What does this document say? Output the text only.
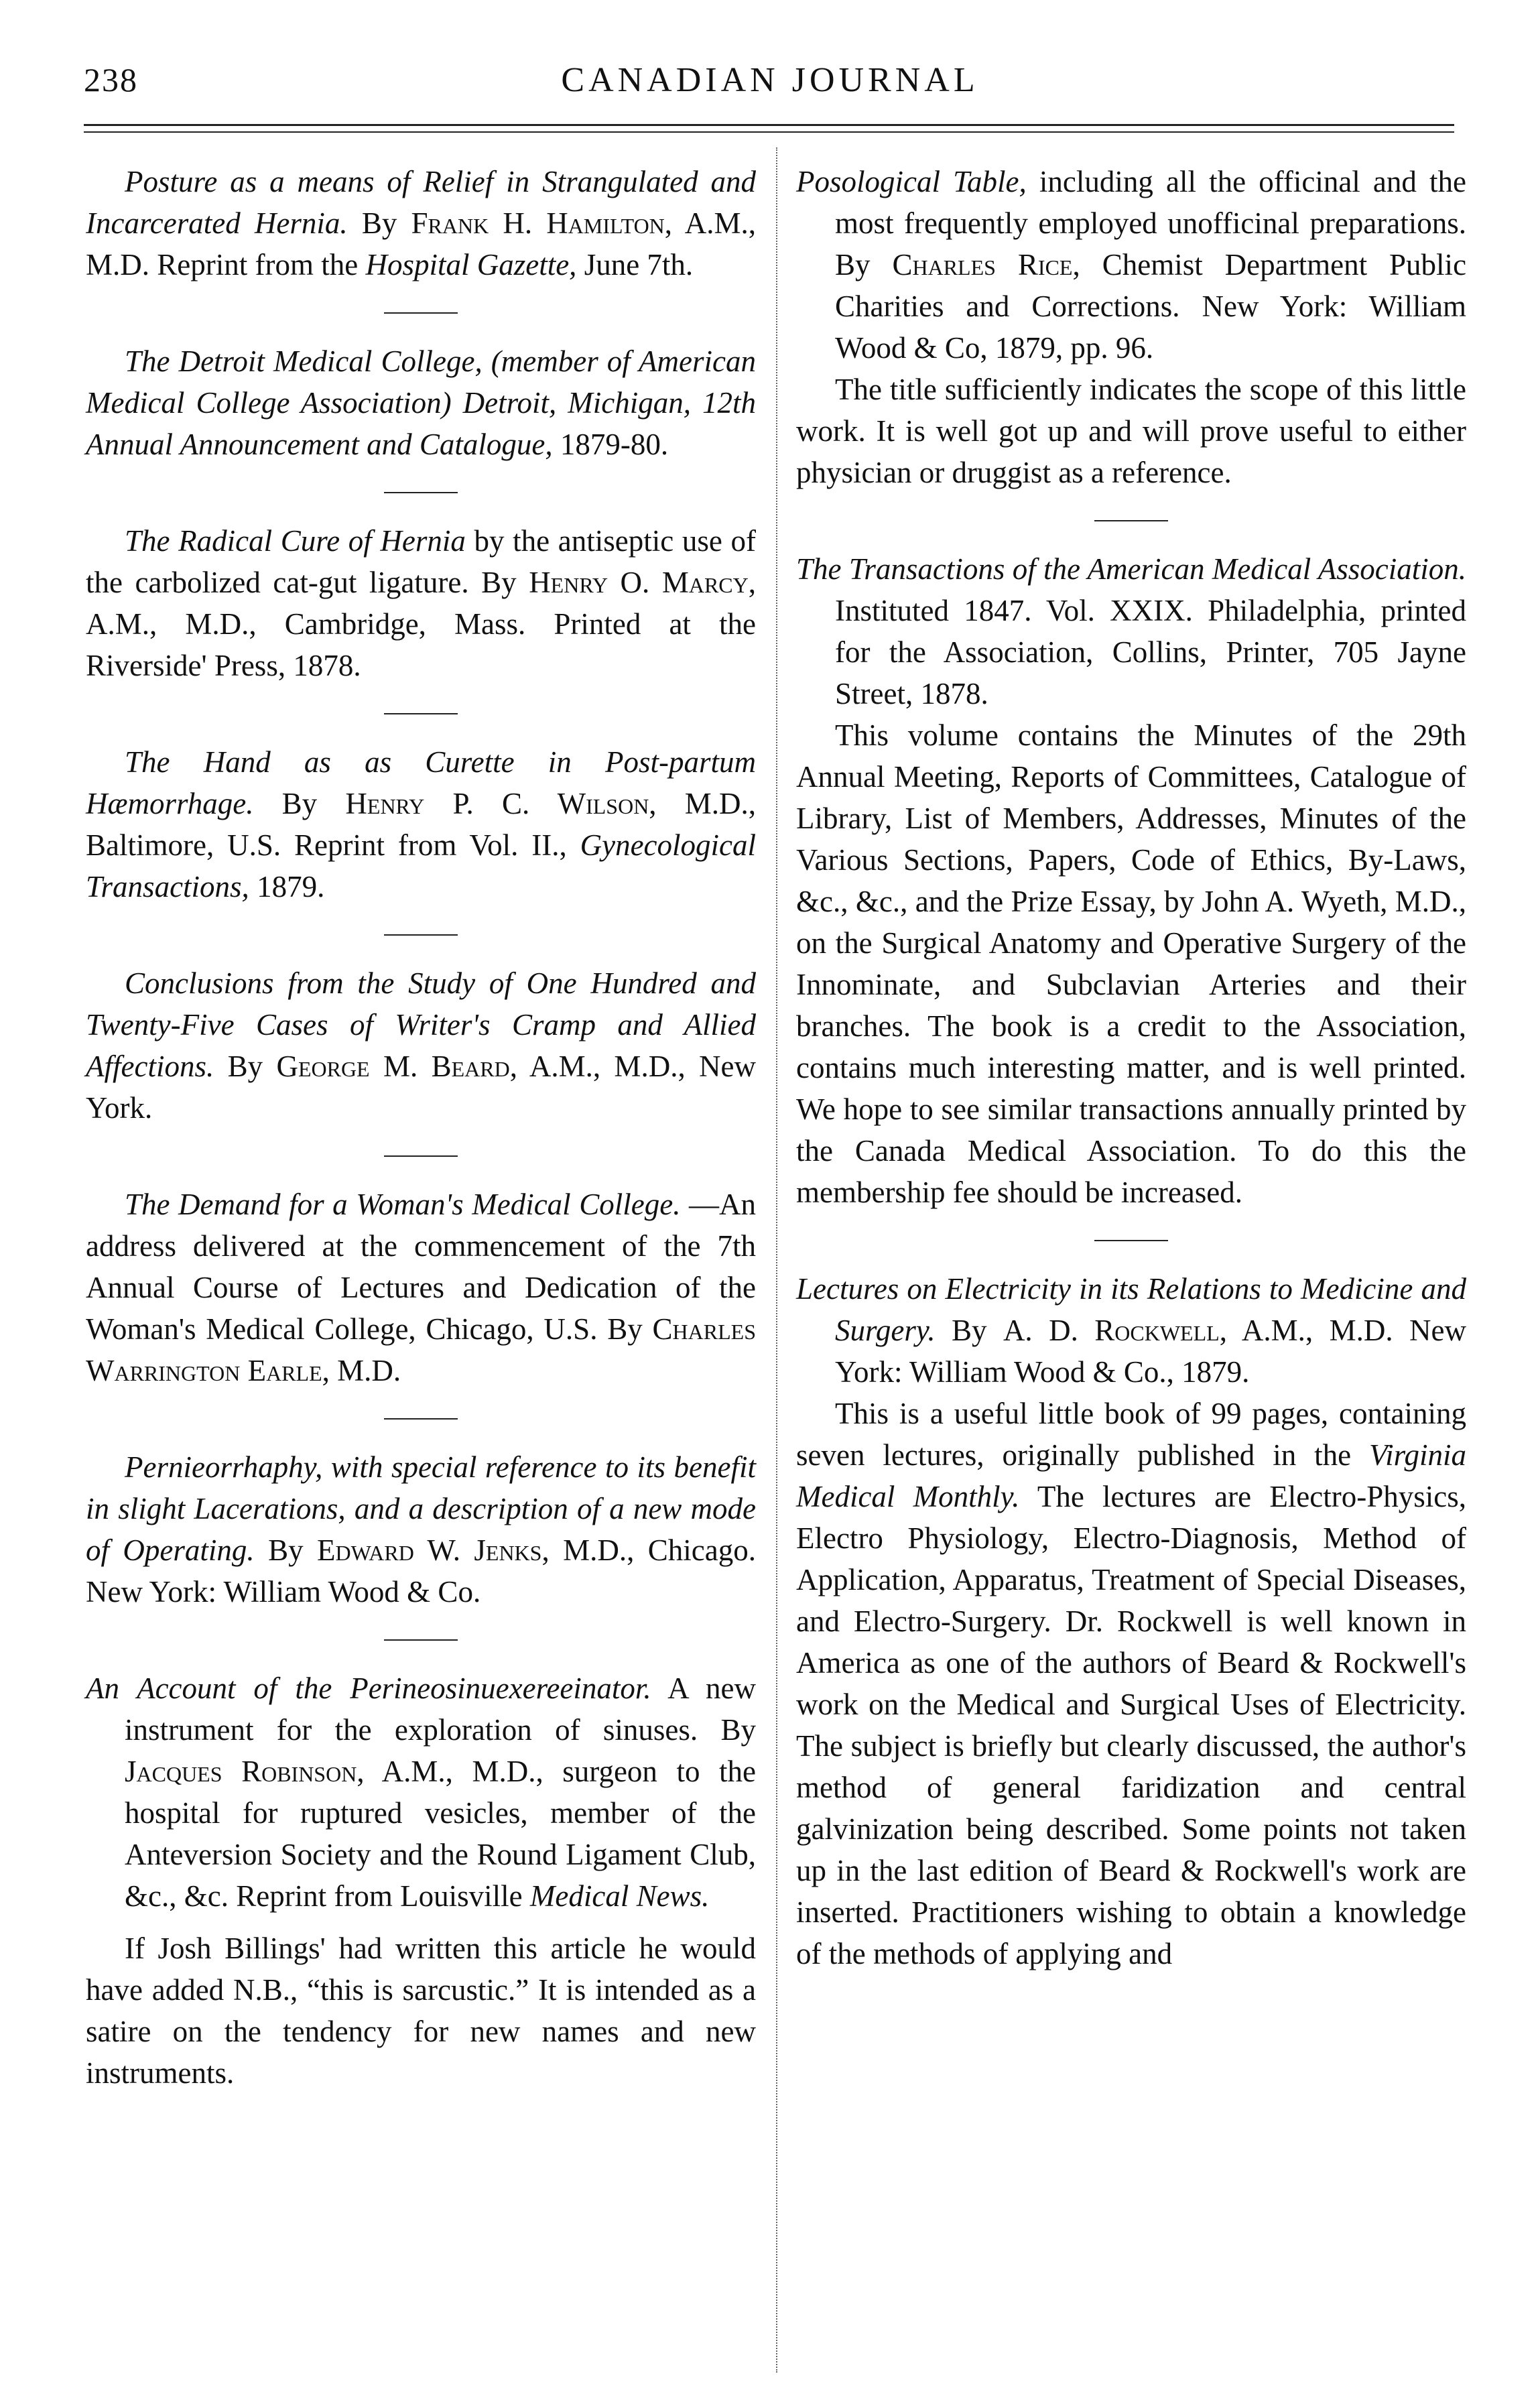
238	CANADIAN JOURNAL

Posture as a means of Relief in Strangulated and Incarcerated Hernia. By Frank H. Hamilton, A.M., M.D. Reprint from the Hospital Gazette, June 7th.

The Detroit Medical College, (member of American Medical College Association) Detroit, Michigan, 12th Annual Announcement and Catalogue, 1879-80.

The Radical Cure of Hernia by the antiseptic use of the carbolized cat-gut ligature. By Henry O. Marcy, A.M., M.D., Cambridge, Mass. Printed at the Riverside' Press, 1878.

The Hand as as Curette in Post-partum Hæmorrhage. By Henry P. C. Wilson, M.D., Baltimore, U.S. Reprint from Vol. II., Gynecological Transactions, 1879.

Conclusions from the Study of One Hundred and Twenty-Five Cases of Writer's Cramp and Allied Affections. By George M. Beard, A.M., M.D., New York.

The Demand for a Woman's Medical College. —An address delivered at the commencement of the 7th Annual Course of Lectures and Dedication of the Woman's Medical College, Chicago, U.S. By Charles Warrington Earle, M.D.

Pernieorrhaphy, with special reference to its benefit in slight Lacerations, and a description of a new mode of Operating. By Edward W. Jenks, M.D., Chicago. New York: William Wood & Co.

An Account of the Perineosinuexereeinator. A new instrument for the exploration of sinuses. By Jacques Robinson, A.M., M.D., surgeon to the hospital for ruptured vesicles, member of the Anteversion Society and the Round Ligament Club, &c., &c. Reprint from Louisville Medical News.

If Josh Billings' had written this article he would have added N.B., “this is sarcustic.” It is intended as a satire on the tendency for new names and new instruments.

Posological Table, including all the officinal and the most frequently employed unofficinal preparations. By Charles Rice, Chemist Department Public Charities and Corrections. New York: William Wood & Co, 1879, pp. 96.

The title sufficiently indicates the scope of this little work. It is well got up and will prove useful to either physician or druggist as a reference.

The Transactions of the American Medical Association. Instituted 1847. Vol. XXIX. Philadelphia, printed for the Association, Collins, Printer, 705 Jayne Street, 1878.

This volume contains the Minutes of the 29th Annual Meeting, Reports of Committees, Catalogue of Library, List of Members, Addresses, Minutes of the Various Sections, Papers, Code of Ethics, By-Laws, &c., &c., and the Prize Essay, by John A. Wyeth, M.D., on the Surgical Anatomy and Operative Surgery of the Innominate, and Subclavian Arteries and their branches. The book is a credit to the Association, contains much interesting matter, and is well printed. We hope to see similar transactions annually printed by the Canada Medical Association. To do this the membership fee should be increased.

Lectures on Electricity in its Relations to Medicine and Surgery. By A. D. Rockwell, A.M., M.D. New York: William Wood & Co., 1879.

This is a useful little book of 99 pages, containing seven lectures, originally published in the Virginia Medical Monthly. The lectures are Electro-Physics, Electro Physiology, Electro-Diagnosis, Method of Application, Apparatus, Treatment of Special Diseases, and Electro-Surgery. Dr. Rockwell is well known in America as one of the authors of Beard & Rockwell's work on the Medical and Surgical Uses of Electricity. The subject is briefly but clearly discussed, the author's method of general faridization and central galvinization being described. Some points not taken up in the last edition of Beard & Rockwell's work are inserted. Practitioners wishing to obtain a knowledge of the methods of applying and
